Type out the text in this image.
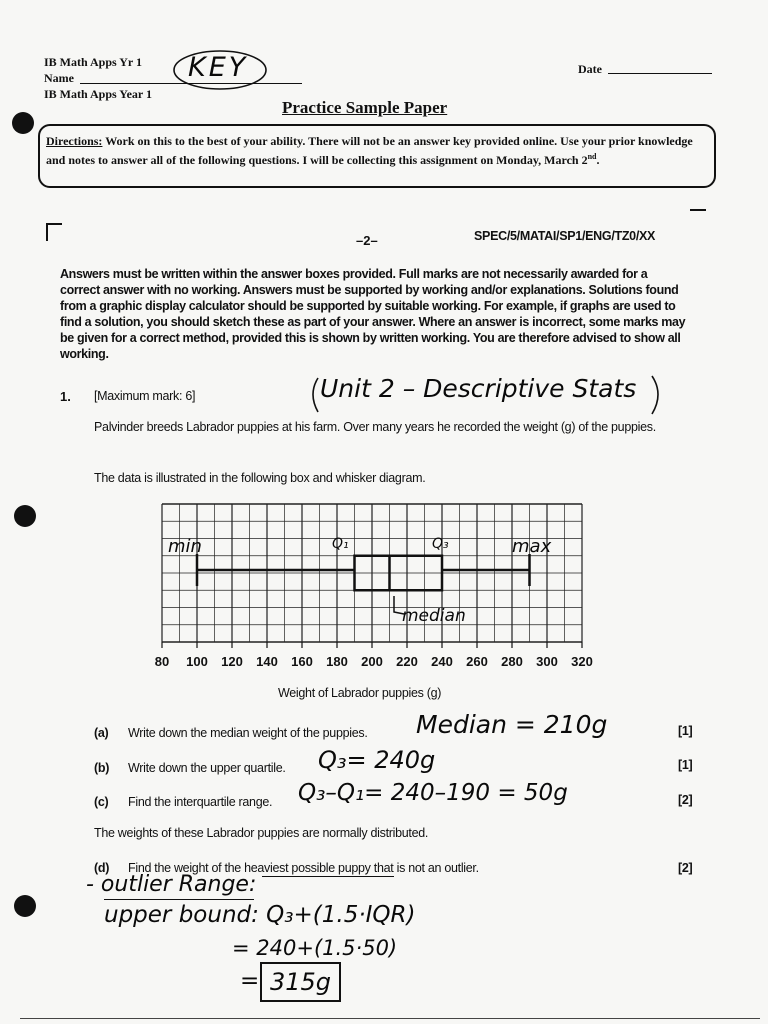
IB Math Apps Yr 1
Name
IB Math Apps Year 1
Date
KEY
Practice Sample Paper
Directions: Work on this to the best of your ability. There will not be an answer key provided online. Use your prior knowledge and notes to answer all of the following questions. I will be collecting this assignment on Monday, March 2nd.
–2–	SPEC/5/MATAI/SP1/ENG/TZ0/XX
Answers must be written within the answer boxes provided. Full marks are not necessarily awarded for a correct answer with no working. Answers must be supported by working and/or explanations. Solutions found from a graphic display calculator should be supported by suitable working. For example, if graphs are used to find a solution, you should sketch these as part of your answer. Where an answer is incorrect, some marks may be given for a correct method, provided this is shown by written working. You are therefore advised to show all working.
1. [Maximum mark: 6]	Unit 2 – Descriptive Stats
Palvinder breeds Labrador puppies at his farm. Over many years he recorded the weight (g) of the puppies.
The data is illustrated in the following box and whisker diagram.
80 100 120 140 160 180 200 220 240 260 280 300 320
Weight of Labrador puppies (g)
min	Q₁	Q₃	max
median
(a) Write down the median weight of the puppies. Median = 210g	[1]
(b) Write down the upper quartile. Q₃= 240g	[1]
(c) Find the interquartile range. Q₃–Q₁= 240–190 = 50g	[2]
The weights of these Labrador puppies are normally distributed.
(d) Find the weight of the heaviest possible puppy that is not an outlier.	[2]
- outlier Range:
upper bound: Q₃+(1.5·IQR)
= 240+(1.5·50)
= 315g
